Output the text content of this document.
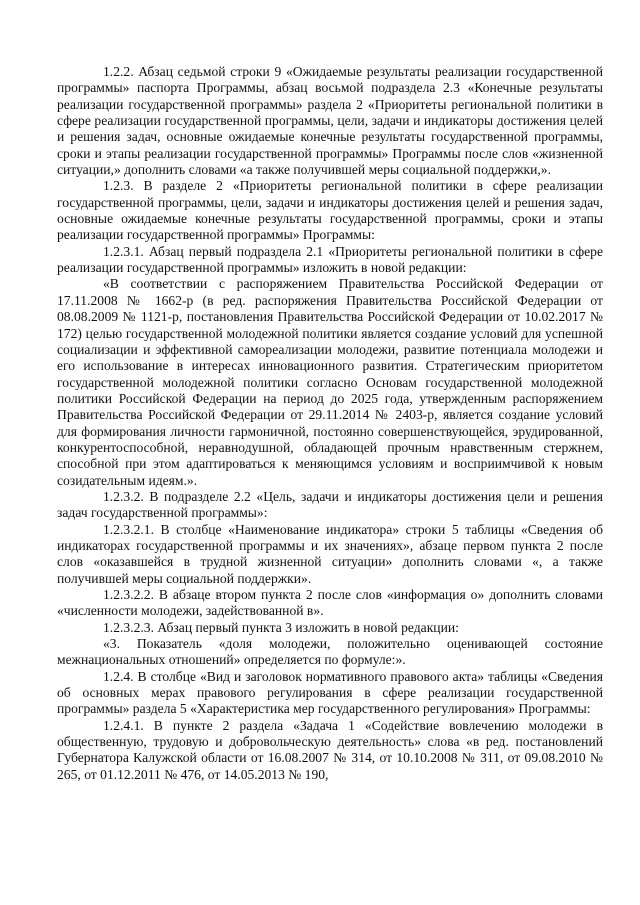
1.2.2. Абзац седьмой строки 9 «Ожидаемые результаты реализации государственной программы» паспорта Программы, абзац восьмой подраздела 2.3 «Конечные результаты реализации государственной программы» раздела 2 «Приоритеты региональной политики в сфере реализации государственной программы, цели, задачи и индикаторы достижения целей и решения задач, основные ожидаемые конечные результаты государственной программы, сроки и этапы реализации государственной программы» Программы после слов «жизненной ситуации,» дополнить словами «а также получившей меры социальной поддержки,».

1.2.3. В разделе 2 «Приоритеты региональной политики в сфере реализации государственной программы, цели, задачи и индикаторы достижения целей и решения задач, основные ожидаемые конечные результаты государственной программы, сроки и этапы реализации государственной программы» Программы:

1.2.3.1. Абзац первый подраздела 2.1 «Приоритеты региональной политики в сфере реализации государственной программы» изложить в новой редакции:

«В соответствии с распоряжением Правительства Российской Федерации от 17.11.2008 № 1662-р (в ред. распоряжения Правительства Российской Федерации от 08.08.2009 № 1121-р, постановления Правительства Российской Федерации от 10.02.2017 № 172) целью государственной молодежной политики является создание условий для успешной социализации и эффективной самореализации молодежи, развитие потенциала молодежи и его использование в интересах инновационного развития. Стратегическим приоритетом государственной молодежной политики согласно Основам государственной молодежной политики Российской Федерации на период до 2025 года, утвержденным распоряжением Правительства Российской Федерации от 29.11.2014 № 2403-р, является создание условий для формирования личности гармоничной, постоянно совершенствующейся, эрудированной, конкурентоспособной, неравнодушной, обладающей прочным нравственным стержнем, способной при этом адаптироваться к меняющимся условиям и восприимчивой к новым созидательным идеям.».

1.2.3.2. В подразделе 2.2 «Цель, задачи и индикаторы достижения цели и решения задач государственной программы»:

1.2.3.2.1. В столбце «Наименование индикатора» строки 5 таблицы «Сведения об индикаторах государственной программы и их значениях», абзаце первом пункта 2 после слов «оказавшейся в трудной жизненной ситуации» дополнить словами «, а также получившей меры социальной поддержки».

1.2.3.2.2. В абзаце втором пункта 2 после слов «информация о» дополнить словами «численности молодежи, задействованной в».

1.2.3.2.3. Абзац первый пункта 3 изложить в новой редакции:

«3. Показатель «доля молодежи, положительно оценивающей состояние межнациональных отношений» определяется по формуле:».

1.2.4. В столбце «Вид и заголовок нормативного правового акта» таблицы «Сведения об основных мерах правового регулирования в сфере реализации государственной программы» раздела 5 «Характеристика мер государственного регулирования» Программы:

1.2.4.1. В пункте 2 раздела «Задача 1 «Содействие вовлечению молодежи в общественную, трудовую и добровольческую деятельность» слова «в ред. постановлений Губернатора Калужской области от 16.08.2007 № 314, от 10.10.2008 № 311, от 09.08.2010 № 265, от 01.12.2011 № 476, от 14.05.2013 № 190,
